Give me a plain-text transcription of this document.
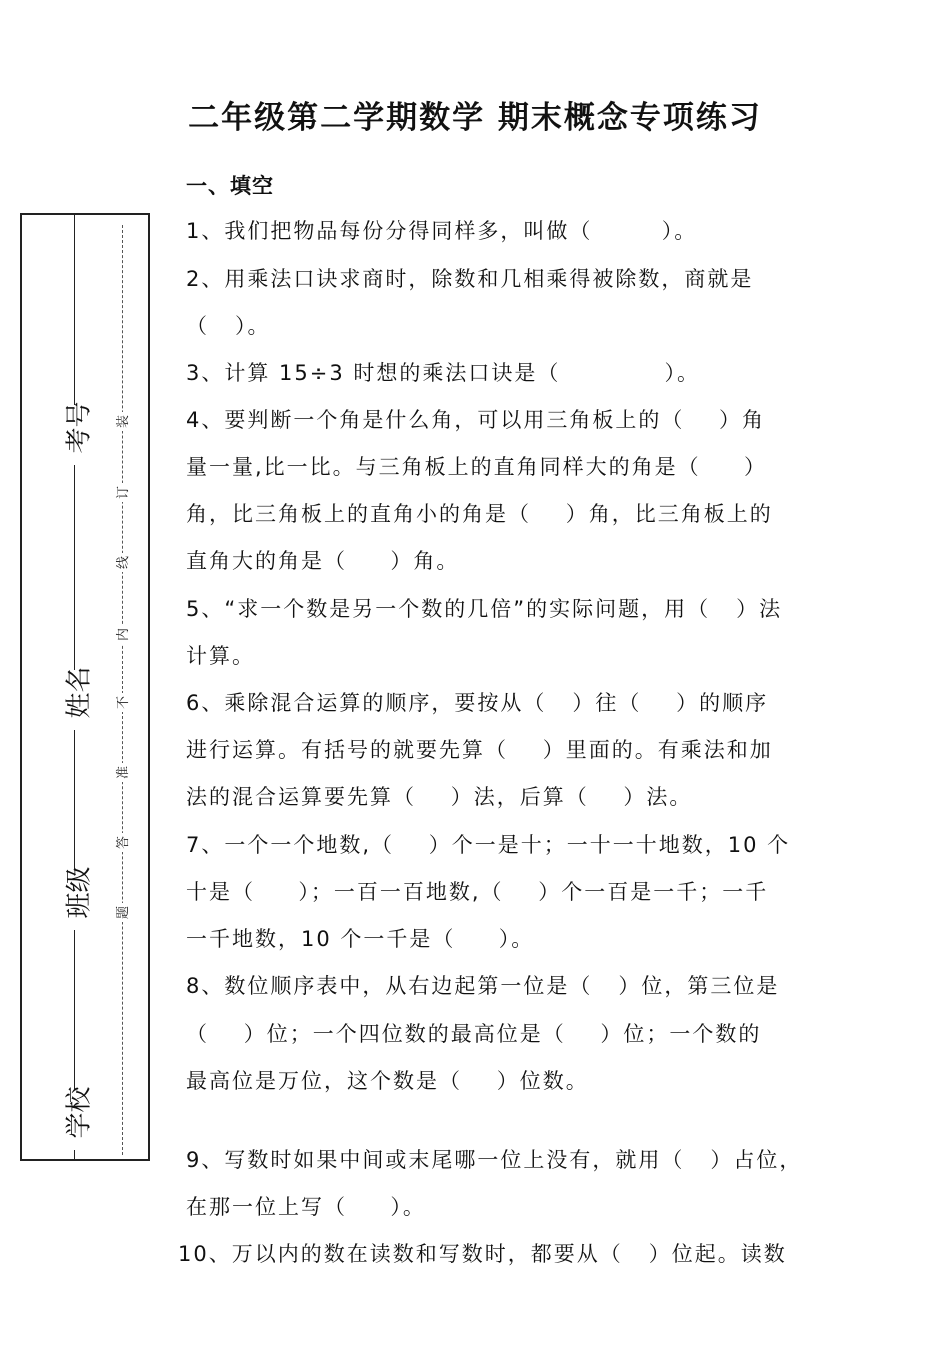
二年级第二学期数学 期末概念专项练习
一、填空
考号
姓名
班级
学校
装
订
线
内
不
准
答
题
1、我们把物品每份分得同样多，叫做（        ）。
2、用乘法口诀求商时，除数和几相乘得被除数，商就是
（   ）。
3、计算 15÷3 时想的乘法口诀是（            ）。
4、要判断一个角是什么角，可以用三角板上的（    ）角
量一量,比一比。与三角板上的直角同样大的角是（     ）
角，比三角板上的直角小的角是（    ）角，比三角板上的
直角大的角是（     ）角。
5、“求一个数是另一个数的几倍”的实际问题，用（   ）法
计算。
6、乘除混合运算的顺序，要按从（   ）往（    ）的顺序
进行运算。有括号的就要先算（    ）里面的。有乘法和加
法的混合运算要先算（    ）法，后算（    ）法。
7、一个一个地数,（    ）个一是十；一十一十地数，10 个
十是（     ）；一百一百地数,（    ）个一百是一千；一千
一千地数，10 个一千是（     ）。
8、数位顺序表中，从右边起第一位是（   ）位，第三位是
（    ）位；一个四位数的最高位是（    ）位；一个数的
最高位是万位，这个数是（    ）位数。
9、写数时如果中间或末尾哪一位上没有，就用（   ）占位，
在那一位上写（     ）。
10、万以内的数在读数和写数时，都要从（   ）位起。读数
